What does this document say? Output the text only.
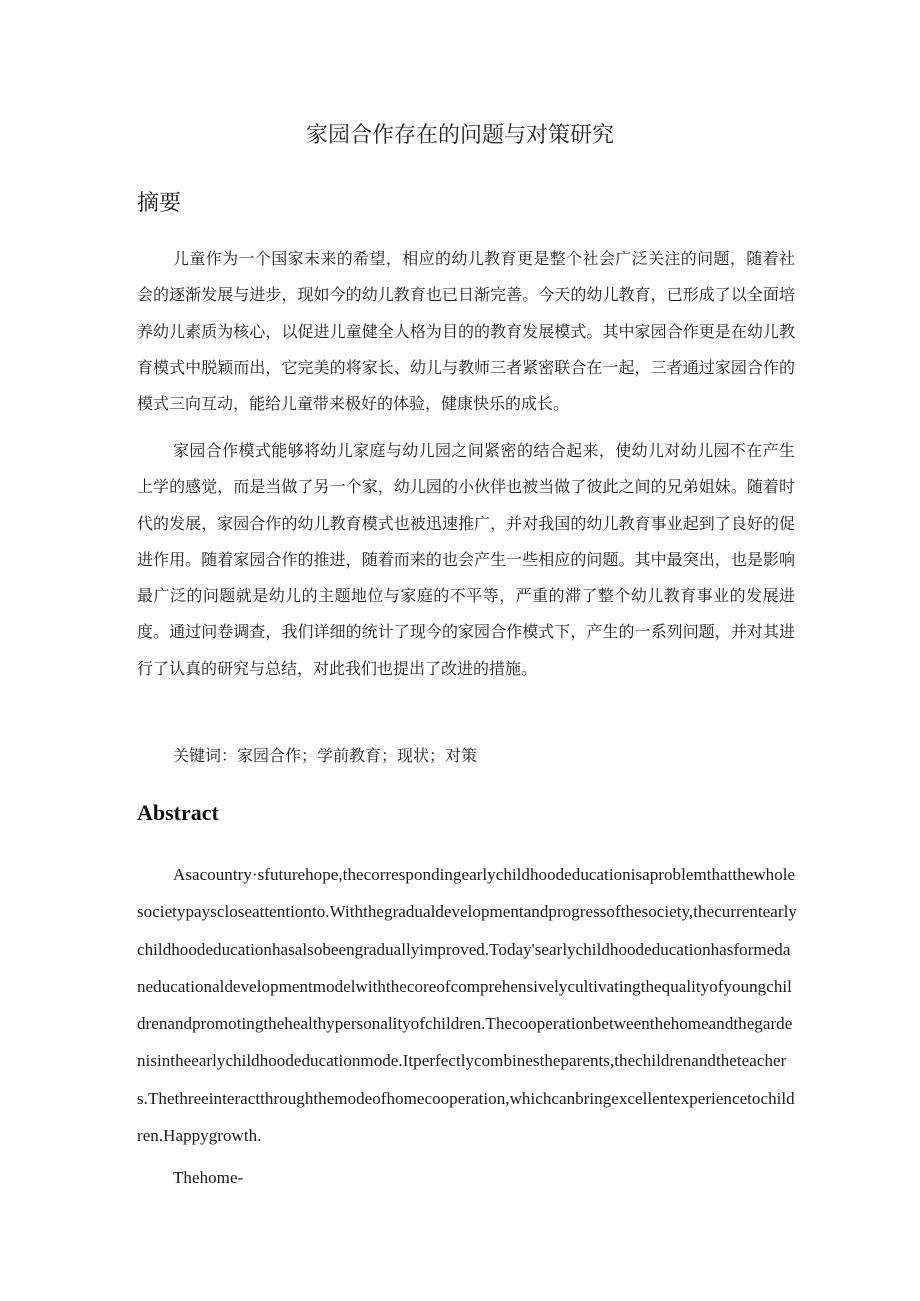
家园合作存在的问题与对策研究
摘要

儿童作为一个国家未来的希望，相应的幼儿教育更是整个社会广泛关注的问题，随着社会的逐渐发展与进步，现如今的幼儿教育也已日渐完善。今天的幼儿教育，已形成了以全面培养幼儿素质为核心，以促进儿童健全人格为目的的教育发展模式。其中家园合作更是在幼儿教育模式中脱颖而出，它完美的将家长、幼儿与教师三者紧密联合在一起，三者通过家园合作的模式三向互动，能给儿童带来极好的体验，健康快乐的成长。

家园合作模式能够将幼儿家庭与幼儿园之间紧密的结合起来，使幼儿对幼儿园不在产生上学的感觉，而是当做了另一个家，幼儿园的小伙伴也被当做了彼此之间的兄弟姐妹。随着时代的发展，家园合作的幼儿教育模式也被迅速推广，并对我国的幼儿教育事业起到了良好的促进作用。随着家园合作的推进，随着而来的也会产生一些相应的问题。其中最突出，也是影响最广泛的问题就是幼儿的主题地位与家庭的不平等，严重的滞了整个幼儿教育事业的发展进度。通过问卷调查，我们详细的统计了现今的家园合作模式下，产生的一系列问题，并对其进行了认真的研究与总结，对此我们也提出了改进的措施。

关键词：家园合作；学前教育；现状；对策

Abstract

Asacountry·sfuturehope,thecorrespondingearlychildhoodeducationisaproblemthatthewholesocietypayscloseattentionto.Withthegradualdevelopmentandprogressofthesociety,thecurrentearlychildhoodeducationhasalsobeengraduallyimproved.Today'searlychildhoodeducationhasformedaneducationaldevelopmentmodelwiththecoreofcomprehensivelycultivatingthequalityofyoungchildrenandpromotingthehealthypersonalityofchildren.Thecooperationbetweenthehomeandthegardenisintheearlychildhoodeducationmode.Itperfectlycombinestheparents,thechildrenandtheteachers.Thethreeinteractthroughthemodeofhomecooperation,whichcanbringexcellentexperiencetochildren.Happygrowth.

Thehome-
